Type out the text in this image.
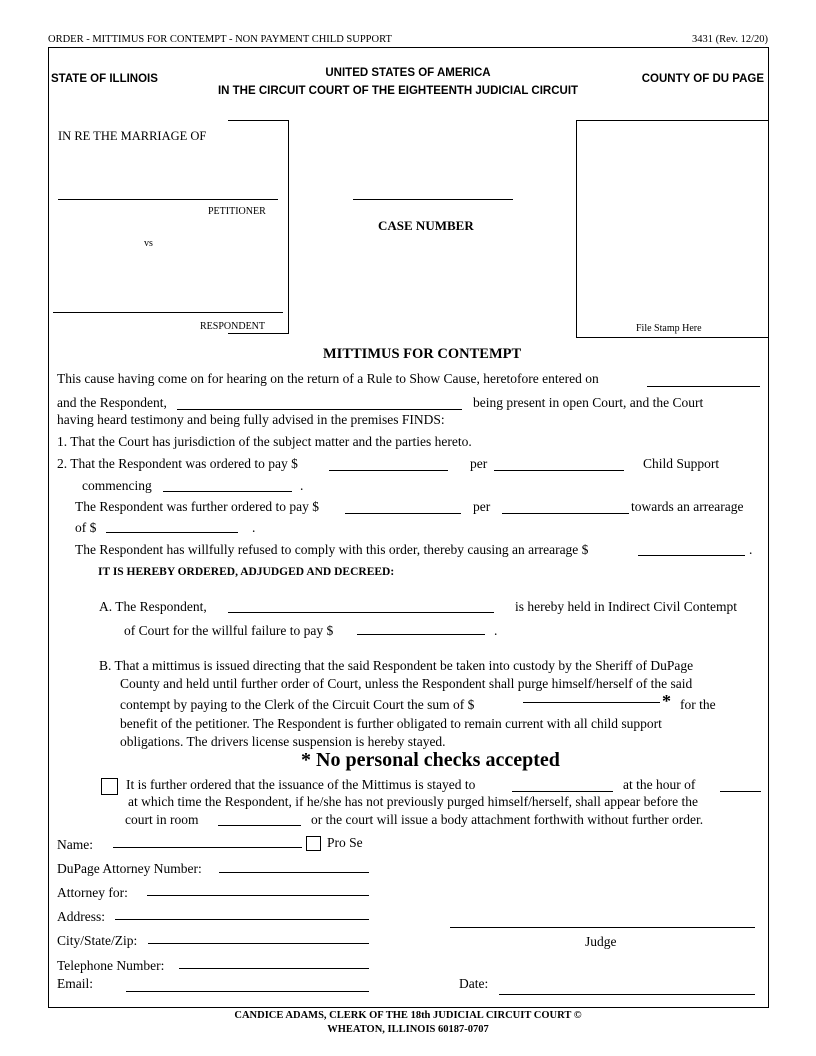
ORDER - MITTIMUS FOR CONTEMPT - NON PAYMENT CHILD SUPPORT	3431 (Rev. 12/20)
STATE OF ILLINOIS	UNITED STATES OF AMERICA
IN THE CIRCUIT COURT OF THE EIGHTEENTH JUDICIAL CIRCUIT
COUNTY OF DU PAGE
IN RE THE MARRIAGE OF
PETITIONER
vs
RESPONDENT
CASE NUMBER
File Stamp Here
MITTIMUS FOR CONTEMPT
This cause having come on for hearing on the return of a Rule to Show Cause, heretofore entered on
and the Respondent,	being present in open Court, and the Court
having heard testimony and being fully advised in the premises FINDS:
1. That the Court has jurisdiction of the subject matter and the parties hereto.
2. That the Respondent was ordered to pay $	per	Child Support
commencing	.
The Respondent was further ordered to pay $	per	towards an arrearage
of $	.
The Respondent has willfully refused to comply with this order, thereby causing an arrearage $	.
IT IS HEREBY ORDERED, ADJUDGED AND DECREED:
A. The Respondent,	is hereby held in Indirect Civil Contempt
of Court for the willful failure to pay $	.
B. That a mittimus is issued directing that the said Respondent be taken into custody by the Sheriff of DuPage
County and held until further order of Court, unless the Respondent shall purge himself/herself of the said
contempt by paying to the Clerk of the Circuit Court the sum of $	* for the
benefit of the petitioner. The Respondent is further obligated to remain current with all child support
obligations. The drivers license suspension is hereby stayed.
* No personal checks accepted
It is further ordered that the issuance of the Mittimus is stayed to	at the hour of
at which time the Respondent, if he/she has not previously purged himself/herself, shall appear before the
court in room	or the court will issue a body attachment forthwith without further order.
Name:	Pro Se
DuPage Attorney Number:
Attorney for:
Address:
City/State/Zip:
Telephone Number:
Email:
Judge
Date:
CANDICE ADAMS, CLERK OF THE 18th JUDICIAL CIRCUIT COURT ©
WHEATON, ILLINOIS 60187-0707
